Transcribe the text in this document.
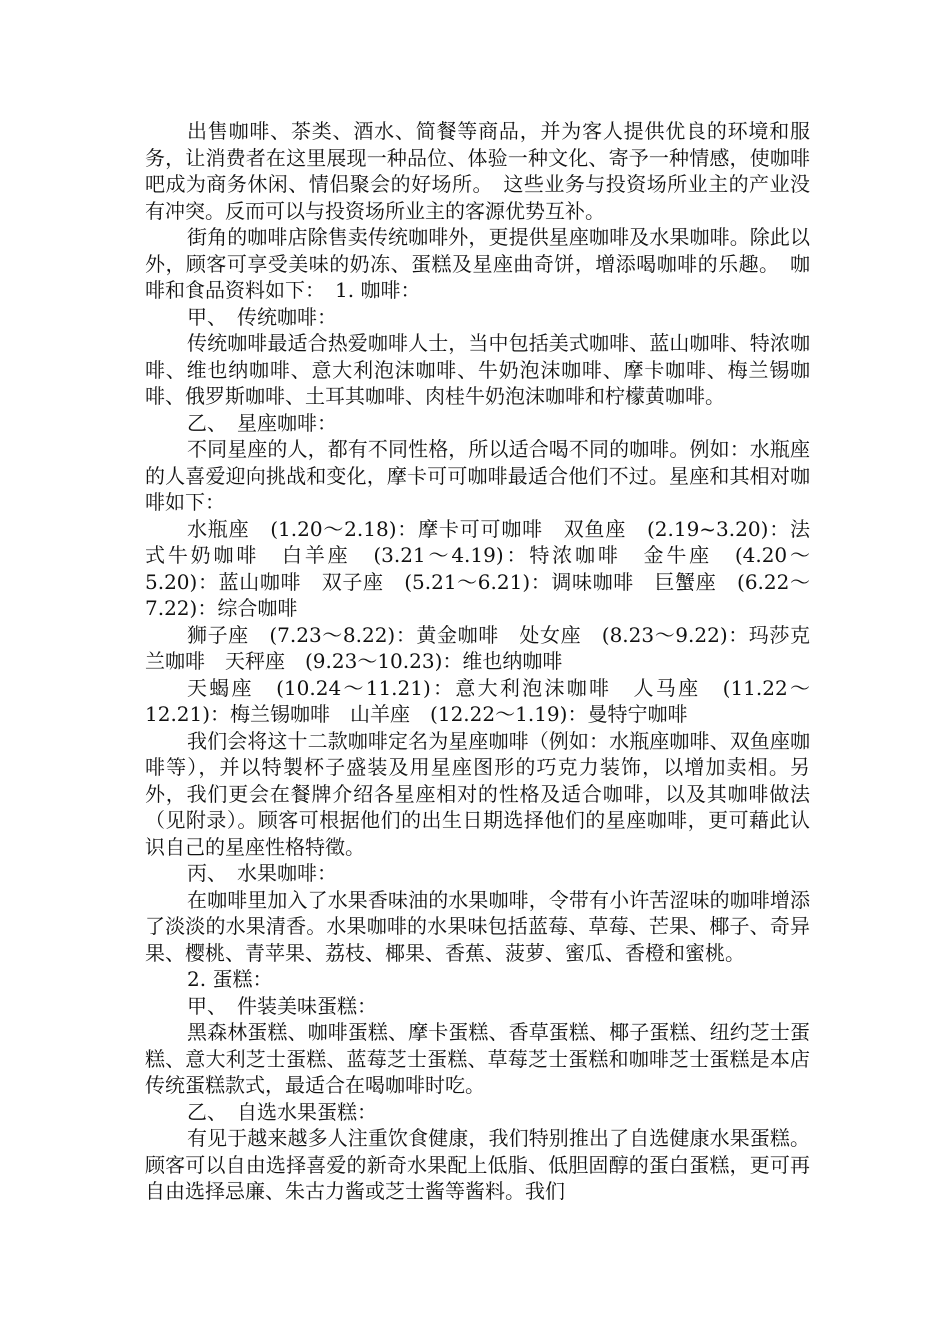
出售咖啡、茶类、酒水、简餐等商品，并为客人提供优良的环境和服务，让消费者在这里展现一种品位、体验一种文化、寄予一种情感，使咖啡吧成为商务休闲、情侣聚会的好场所。　这些业务与投资场所业主的产业没有冲突。反而可以与投资场所业主的客源优势互补。

街角的咖啡店除售卖传统咖啡外，更提供星座咖啡及水果咖啡。除此以外，顾客可享受美味的奶冻、蛋糕及星座曲奇饼，增添喝咖啡的乐趣。　咖啡和食品资料如下：　1. 咖啡：

甲、　传统咖啡：

传统咖啡最适合热爱咖啡人士，当中包括美式咖啡、蓝山咖啡、特浓咖啡、维也纳咖啡、意大利泡沫咖啡、牛奶泡沫咖啡、摩卡咖啡、梅兰锡咖啡、俄罗斯咖啡、土耳其咖啡、肉桂牛奶泡沫咖啡和柠檬黄咖啡。

乙、　星座咖啡：

不同星座的人，都有不同性格，所以适合喝不同的咖啡。例如：水瓶座的人喜爱迎向挑战和变化，摩卡可可咖啡最适合他们不过。星座和其相对咖啡如下：

水瓶座　(1.20～2.18)：摩卡可可咖啡　双鱼座　(2.19~3.20)：法式牛奶咖啡　白羊座　(3.21～4.19)：特浓咖啡　金牛座　(4.20～5.20)：蓝山咖啡　双子座　(5.21～6.21)：调味咖啡　巨蟹座　(6.22～7.22)：综合咖啡

狮子座　(7.23～8.22)：黄金咖啡　处女座　(8.23～9.22)：玛莎克兰咖啡　天秤座　(9.23～10.23)：维也纳咖啡

天蝎座　(10.24～11.21)：意大利泡沫咖啡　人马座　(11.22～12.21)：梅兰锡咖啡　山羊座　(12.22～1.19)：曼特宁咖啡

我们会将这十二款咖啡定名为星座咖啡（例如：水瓶座咖啡、双鱼座咖啡等），并以特製杯子盛装及用星座图形的巧克力装饰，以增加卖相。另外，我们更会在餐牌介绍各星座相对的性格及适合咖啡，以及其咖啡做法（见附录）。顾客可根据他们的出生日期选择他们的星座咖啡，更可藉此认识自己的星座性格特徵。

丙、　水果咖啡：

在咖啡里加入了水果香味油的水果咖啡，令带有小许苦涩味的咖啡增添了淡淡的水果清香。水果咖啡的水果味包括蓝莓、草莓、芒果、椰子、奇异果、樱桃、青苹果、荔枝、椰果、香蕉、菠萝、蜜瓜、香橙和蜜桃。

2. 蛋糕：

甲、　件装美味蛋糕：

黑森林蛋糕、咖啡蛋糕、摩卡蛋糕、香草蛋糕、椰子蛋糕、纽约芝士蛋糕、意大利芝士蛋糕、蓝莓芝士蛋糕、草莓芝士蛋糕和咖啡芝士蛋糕是本店传统蛋糕款式，最适合在喝咖啡时吃。

乙、　自选水果蛋糕：

有见于越来越多人注重饮食健康，我们特别推出了自选健康水果蛋糕。顾客可以自由选择喜爱的新奇水果配上低脂、低胆固醇的蛋白蛋糕，更可再自由选择忌廉、朱古力酱或芝士酱等酱料。我们
